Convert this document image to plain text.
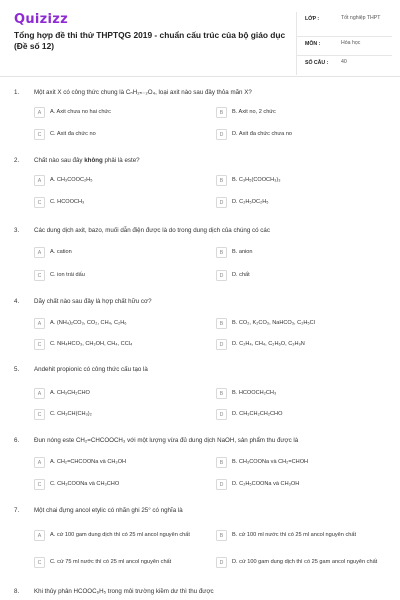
Quizizz
Tổng hợp đề thi thử THPTQG 2019 - chuẩn cấu trúc của bộ giáo dục (Đề số 12)
LỚP :	Tốt nghiệp THPT
MÔN :	Hóa học
SỐ CÂU : 40
1. Một axit X có công thức chung là CₙH₂ₙ₋₂O₄, loại axit nào sau đây thỏa mãn X?
A	A. Axit chưa no hai chức	B	B. Axit no, 2 chức
C	C. Axit đa chức no	D	D. Axit đa chức chưa no
2. Chất nào sau đây không phải là este?
A	A. CH₃COOC₂H₅	B	B. C₃H₅(COOCH₃)₃
C	C. HCOOCH₃	D	D. C₂H₅OC₂H₅
3. Các dung dịch axit, bazo, muối dẫn điện được là do trong dung dịch của chúng có các
A	A. cation	B	B. anion
C	C. ion trái dấu	D	D. chất
4. Dãy chất nào sau đây là hợp chất hữu cơ?
A	A. (NH₄)₂CO₃, CO₂, CH₄, C₂H₆	B	B. CO₂, K₂CO₃, NaHCO₃, C₂H₅Cl
C	C. NH₄HCO₃, CH₃OH, CH₄, CCl₄	D	D. C₂H₄, CH₄, C₂H₆O, C₃H₉N
5. Andehit propionic có công thức cấu tạo là
A	A. CH₃CH₂CHO	B	B. HCOOCH₂CH₃
C	C. CH₃CH(CH₃)₂	D	D. CH₃CH₂CH₂CHO
6. Đun nóng este CH₂=CHCOOCH₃ với một lượng vừa đủ dung dịch NaOH, sản phẩm thu được là
A	A. CH₂=CHCOONa và CH₃OH	B	B. CH₃COONa và CH₂=CHOH
C	C. CH₃COONa và CH₃CHO	D	D. C₂H₅COONa và CH₃OH
7. Một chai đựng ancol etylic có nhãn ghi 25° có nghĩa là
A	A. cứ 100 gam dung dịch thì có 25 ml ancol nguyên chất	B	B. cứ 100 ml nước thì có 25 ml ancol nguyên chất
C	C. cứ 75 ml nước thì có 25 ml ancol nguyên chất	D	D. cứ 100 gam dung dịch thì có 25 gam ancol nguyên chất
8. Khi thủy phân HCOOC₆H₅ trong môi trường kiềm dư thì thu được
